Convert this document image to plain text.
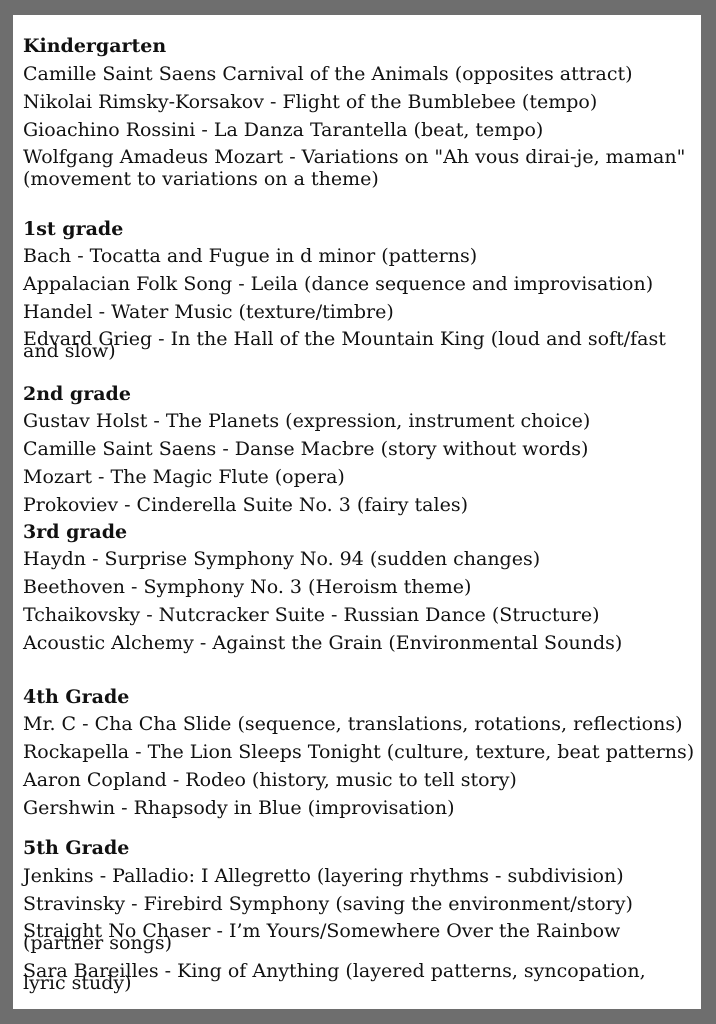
Kindergarten
Camille Saint Saens Carnival of the Animals (opposites attract)
Nikolai Rimsky-Korsakov - Flight of the Bumblebee (tempo)
Gioachino Rossini - La Danza Tarantella (beat, tempo)
Wolfgang Amadeus Mozart - Variations on "Ah vous dirai-je, maman" (movement to variations on a theme)
1st grade
Bach - Tocatta and Fugue in d minor (patterns)
Appalacian Folk Song - Leila (dance sequence and improvisation)
Handel - Water Music (texture/timbre)
Edvard Grieg - In the Hall of the Mountain King (loud and soft/fast and slow)
2nd grade
Gustav Holst - The Planets (expression, instrument choice)
Camille Saint Saens - Danse Macbre (story without words)
Mozart - The Magic Flute (opera)
Prokoviev - Cinderella Suite No. 3 (fairy tales)
3rd grade
Haydn - Surprise Symphony No. 94 (sudden changes)
Beethoven - Symphony No. 3 (Heroism theme)
Tchaikovsky - Nutcracker Suite - Russian Dance (Structure)
Acoustic Alchemy - Against the Grain (Environmental Sounds)
4th Grade
Mr. C - Cha Cha Slide (sequence, translations, rotations, reflections)
Rockapella - The Lion Sleeps Tonight (culture, texture, beat patterns)
Aaron Copland - Rodeo (history, music to tell story)
Gershwin - Rhapsody in Blue (improvisation)
5th Grade
Jenkins - Palladio: I Allegretto (layering rhythms - subdivision)
Stravinsky - Firebird Symphony (saving the environment/story)
Straight No Chaser - I’m Yours/Somewhere Over the Rainbow (partner songs)
Sara Bareilles - King of Anything (layered patterns, syncopation, lyric study)
